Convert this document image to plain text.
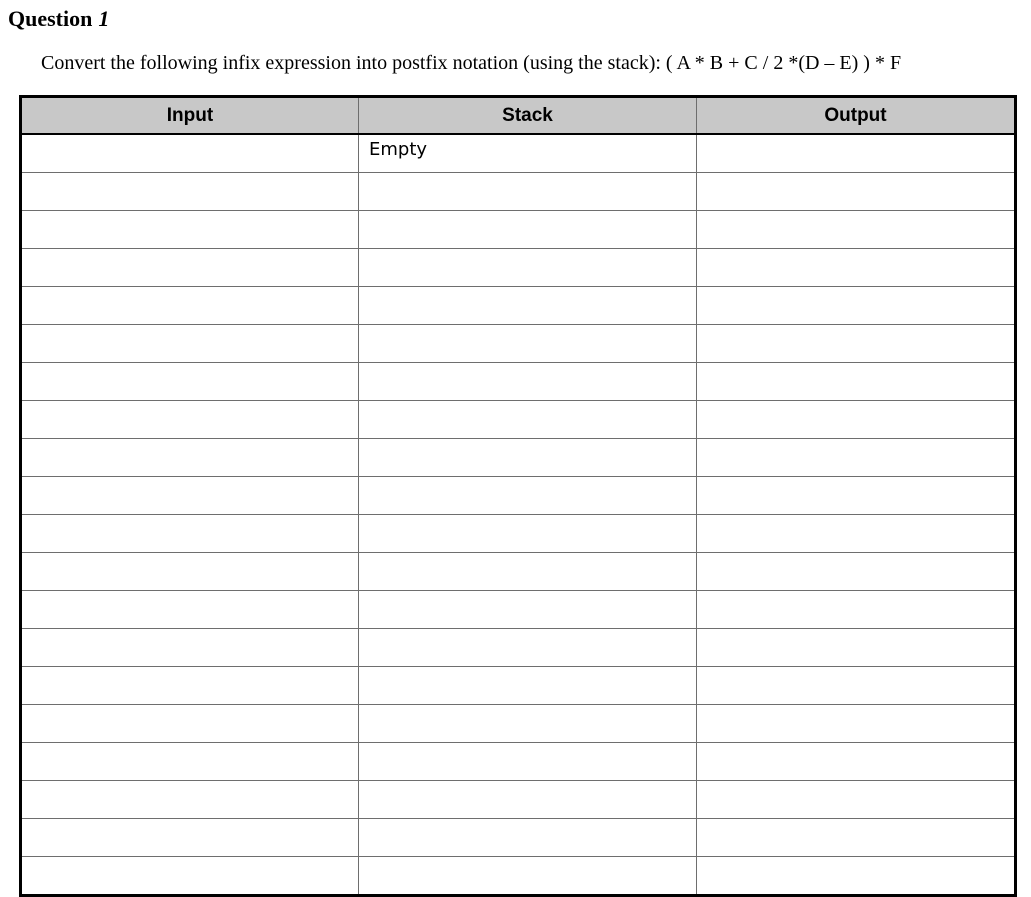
Question 1
Convert the following infix expression into postfix notation (using the stack): ( A * B + C / 2 *(D – E) ) * F
Input	Stack	Output
	Empty	
